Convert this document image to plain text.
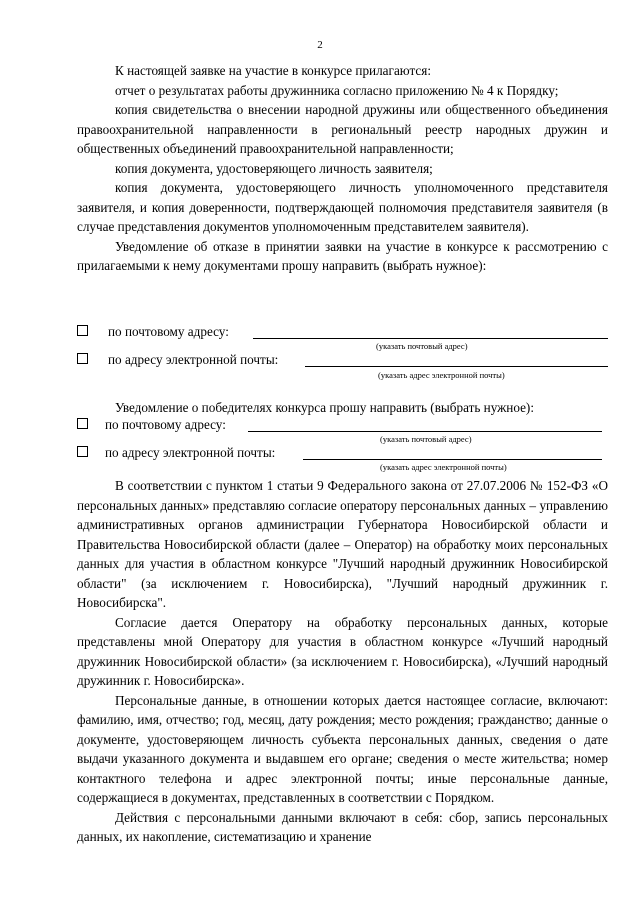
2

К настоящей заявке на участие в конкурсе прилагаются:

отчет о результатах работы дружинника согласно приложению № 4 к Порядку;

копия свидетельства о внесении народной дружины или общественного объединения правоохранительной направленности в региональный реестр народных дружин и общественных объединений правоохранительной направленности;

копия документа, удостоверяющего личность заявителя;

копия документа, удостоверяющего личность уполномоченного представителя заявителя, и копия доверенности, подтверждающей полномочия представителя заявителя (в случае представления документов уполномоченным представителем заявителя).

Уведомление об отказе в принятии заявки на участие в конкурсе к рассмотрению с прилагаемыми к нему документами прошу направить (выбрать нужное):

по почтовому адресу:
(указать почтовый адрес)
по адресу электронной почты:
(указать адрес электронной почты)
Уведомление о победителях конкурса прошу направить (выбрать нужное):
по почтовому адресу:
(указать почтовый адрес)
по адресу электронной почты:
(указать адрес электронной почты)

В соответствии с пунктом 1 статьи 9 Федерального закона от 27.07.2006 № 152-ФЗ «О персональных данных» представляю согласие оператору персональных данных – управлению административных органов администрации Губернатора Новосибирской области и Правительства Новосибирской области (далее – Оператор) на обработку моих персональных данных для участия в областном конкурсе "Лучший народный дружинник Новосибирской области" (за исключением г. Новосибирска), "Лучший народный дружинник г. Новосибирска".

Согласие дается Оператору на обработку персональных данных, которые представлены мной Оператору для участия в областном конкурсе «Лучший народный дружинник Новосибирской области» (за исключением г. Новосибирска), «Лучший народный дружинник г. Новосибирска».

Персональные данные, в отношении которых дается настоящее согласие, включают: фамилию, имя, отчество; год, месяц, дату рождения; место рождения; гражданство; данные о документе, удостоверяющем личность субъекта персональных данных, сведения о дате выдачи указанного документа и выдавшем его органе; сведения о месте жительства; номер контактного телефона и адрес электронной почты; иные персональные данные, содержащиеся в документах, представленных в соответствии с Порядком.

Действия с персональными данными включают в себя: сбор, запись персональных данных, их накопление, систематизацию и хранение
